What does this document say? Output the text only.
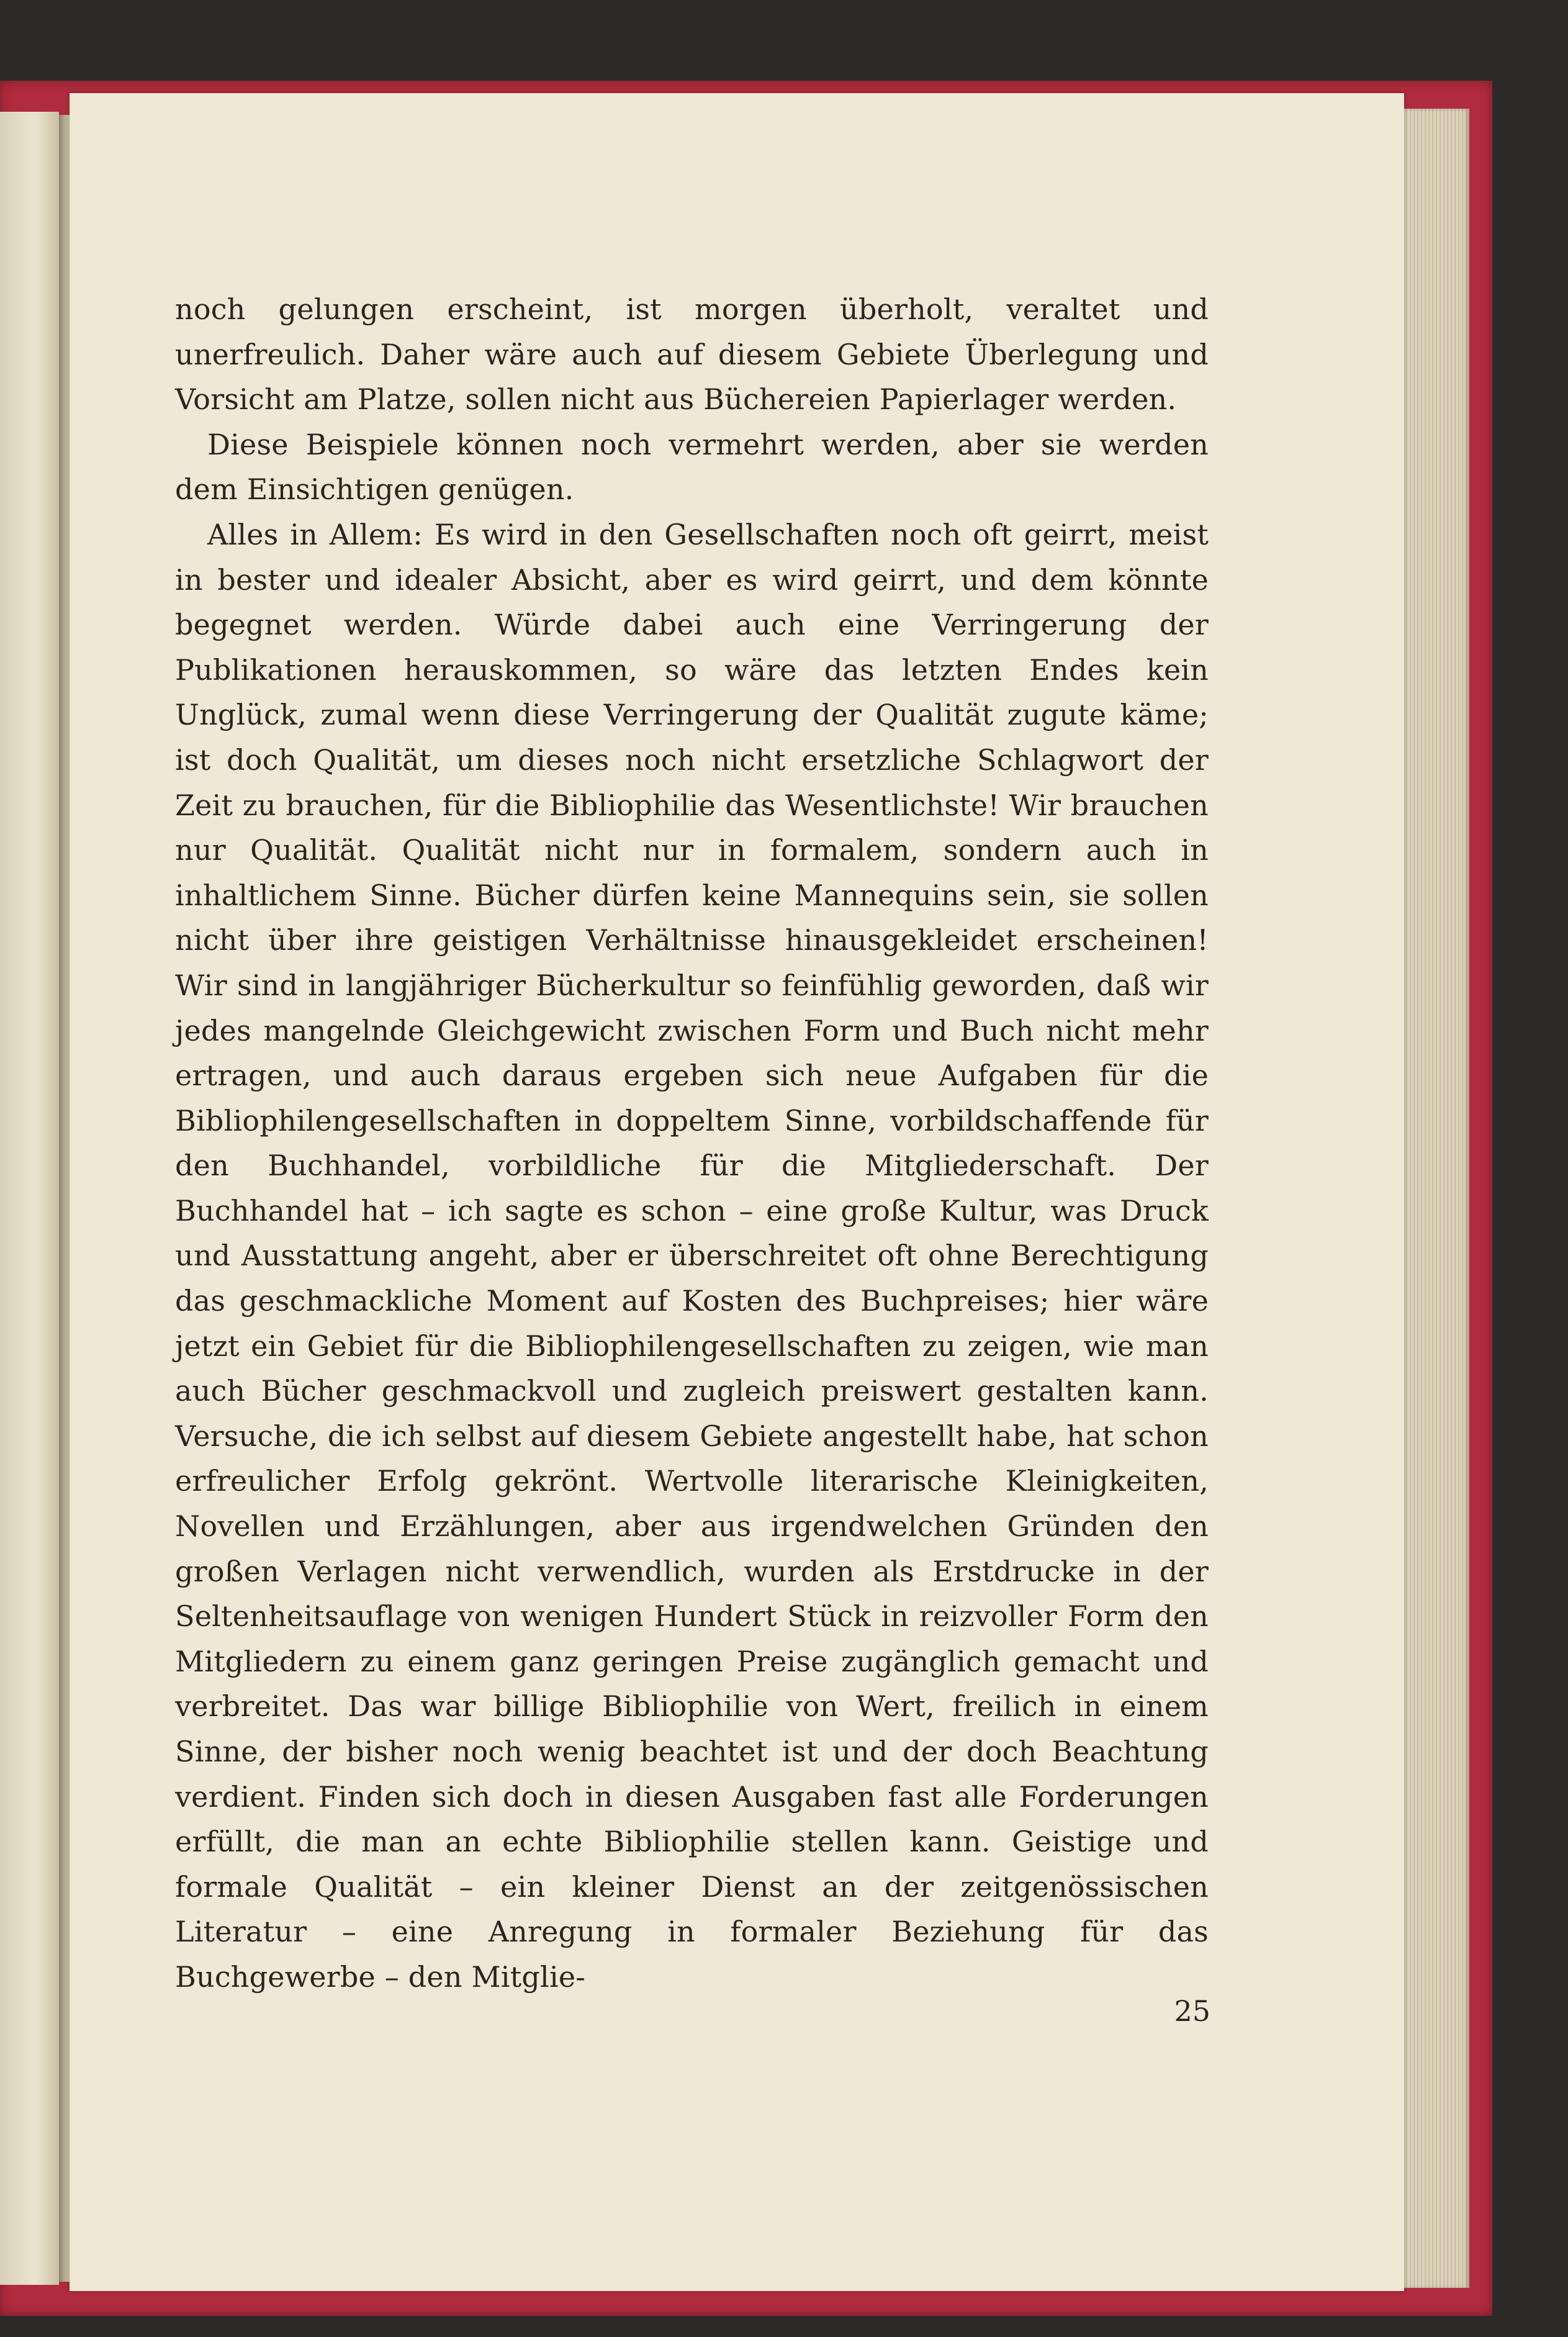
noch gelungen erscheint, ist morgen überholt, veraltet und unerfreulich. Daher wäre auch auf diesem Gebiete Überlegung und Vorsicht am Platze, sollen nicht aus Büchereien Papierlager werden.

Diese Beispiele können noch vermehrt werden, aber sie werden dem Einsichtigen genügen.

Alles in Allem: Es wird in den Gesellschaften noch oft geirrt, meist in bester und idealer Absicht, aber es wird geirrt, und dem könnte begegnet werden. Würde dabei auch eine Verringerung der Publikationen herauskommen, so wäre das letzten Endes kein Unglück, zumal wenn diese Verringerung der Qualität zugute käme; ist doch Qualität, um dieses noch nicht ersetzliche Schlagwort der Zeit zu brauchen, für die Bibliophilie das Wesentlichste! Wir brauchen nur Qualität. Qualität nicht nur in formalem, sondern auch in inhaltlichem Sinne. Bücher dürfen keine Mannequins sein, sie sollen nicht über ihre geistigen Verhältnisse hinausgekleidet erscheinen! Wir sind in langjähriger Bücherkultur so feinfühlig geworden, daß wir jedes mangelnde Gleichgewicht zwischen Form und Buch nicht mehr ertragen, und auch daraus ergeben sich neue Aufgaben für die Bibliophilengesellschaften in doppeltem Sinne, vorbildschaffende für den Buchhandel, vorbildliche für die Mitgliederschaft. Der Buchhandel hat – ich sagte es schon – eine große Kultur, was Druck und Ausstattung angeht, aber er überschreitet oft ohne Berechtigung das geschmackliche Moment auf Kosten des Buchpreises; hier wäre jetzt ein Gebiet für die Bibliophilengesellschaften zu zeigen, wie man auch Bücher geschmackvoll und zugleich preiswert gestalten kann. Versuche, die ich selbst auf diesem Gebiete angestellt habe, hat schon erfreulicher Erfolg gekrönt. Wertvolle literarische Kleinigkeiten, Novellen und Erzählungen, aber aus irgendwelchen Gründen den großen Verlagen nicht verwendlich, wurden als Erstdrucke in der Seltenheitsauflage von wenigen Hundert Stück in reizvoller Form den Mitgliedern zu einem ganz geringen Preise zugänglich gemacht und verbreitet. Das war billige Bibliophilie von Wert, freilich in einem Sinne, der bisher noch wenig beachtet ist und der doch Beachtung verdient. Finden sich doch in diesen Ausgaben fast alle Forderungen erfüllt, die man an echte Bibliophilie stellen kann. Geistige und formale Qualität – ein kleiner Dienst an der zeitgenössischen Literatur – eine Anregung in formaler Beziehung für das Buchgewerbe – den Mitglie-

25
